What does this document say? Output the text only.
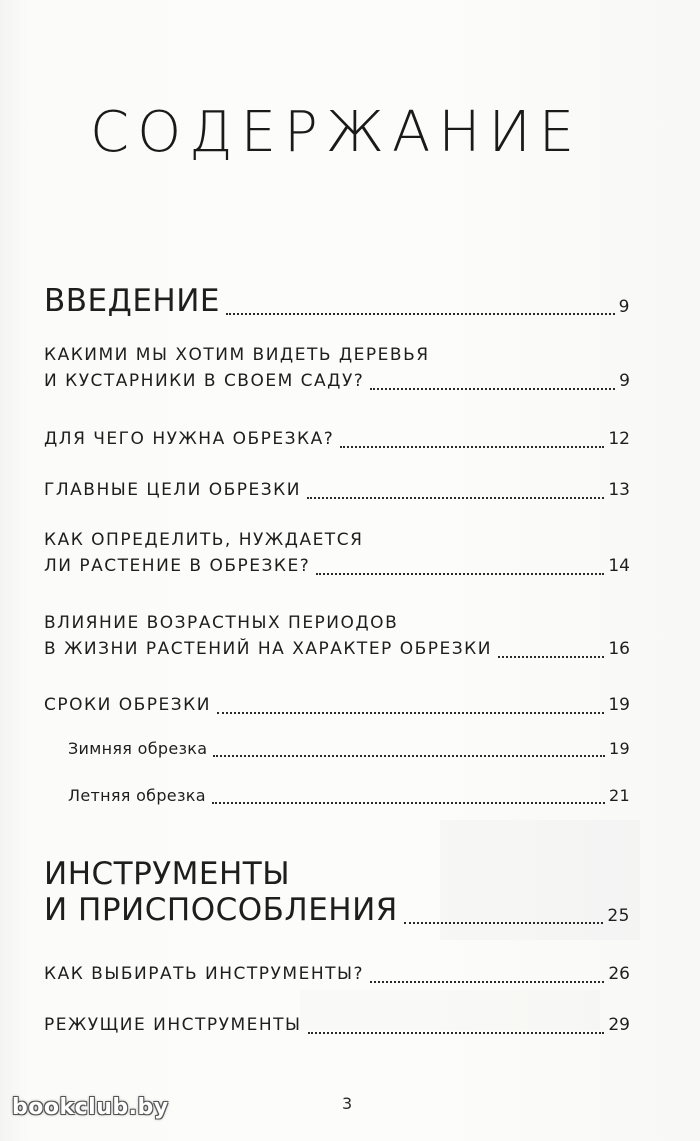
СОДЕРЖАНИЕ
ВВЕДЕНИЕ	9
КАКИМИ МЫ ХОТИМ ВИДЕТЬ ДЕРЕВЬЯ
И КУСТАРНИКИ В СВОЕМ САДУ?	9
ДЛЯ ЧЕГО НУЖНА ОБРЕЗКА?	12
ГЛАВНЫЕ ЦЕЛИ ОБРЕЗКИ	13
КАК ОПРЕДЕЛИТЬ, НУЖДАЕТСЯ
ЛИ РАСТЕНИЕ В ОБРЕЗКЕ?	14
ВЛИЯНИЕ ВОЗРАСТНЫХ ПЕРИОДОВ
В ЖИЗНИ РАСТЕНИЙ НА ХАРАКТЕР ОБРЕЗКИ	16
СРОКИ ОБРЕЗКИ	19
Зимняя обрезка	19
Летняя обрезка	21
ИНСТРУМЕНТЫ
И ПРИСПОСОБЛЕНИЯ	25
КАК ВЫБИРАТЬ ИНСТРУМЕНТЫ?	26
РЕЖУЩИЕ ИНСТРУМЕНТЫ	29
3
bookclub.by
